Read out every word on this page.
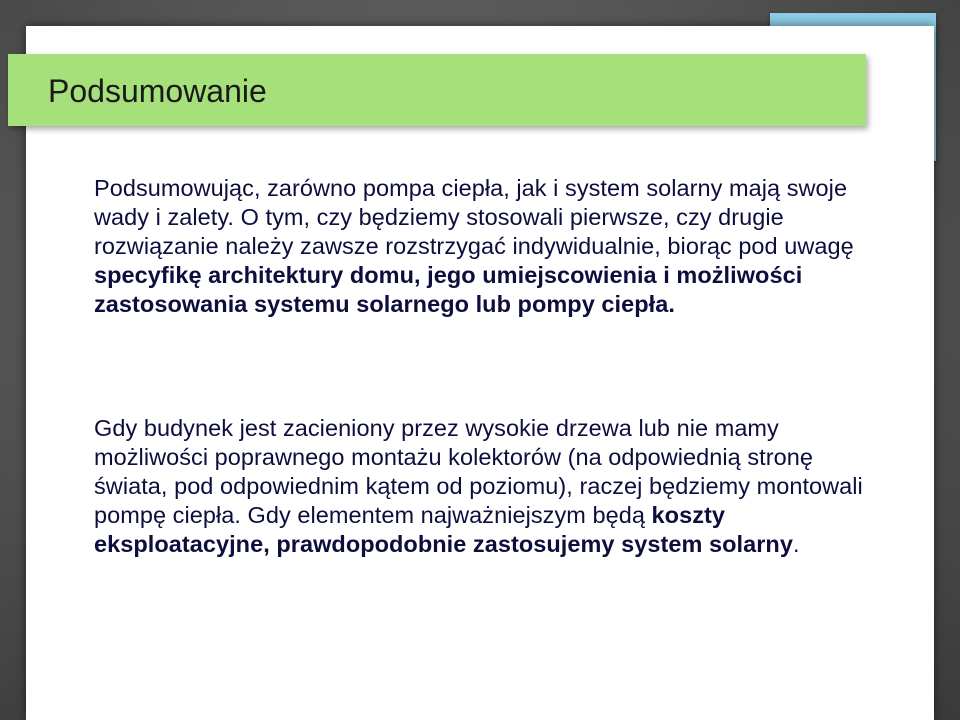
Podsumowanie
Podsumowując, zarówno pompa ciepła, jak i system solarny mają swoje wady i zalety. O tym, czy będziemy stosowali pierwsze, czy drugie rozwiązanie należy zawsze rozstrzygać indywidualnie, biorąc pod uwagę specyfikę architektury domu, jego umiejscowienia i możliwości zastosowania systemu solarnego lub pompy ciepła.
Gdy budynek jest zacieniony przez wysokie drzewa lub nie mamy możliwości poprawnego montażu kolektorów (na odpowiednią stronę świata, pod odpowiednim kątem od poziomu), raczej będziemy montowali pompę ciepła. Gdy elementem najważniejszym będą koszty eksploatacyjne, prawdopodobnie zastosujemy system solarny.
